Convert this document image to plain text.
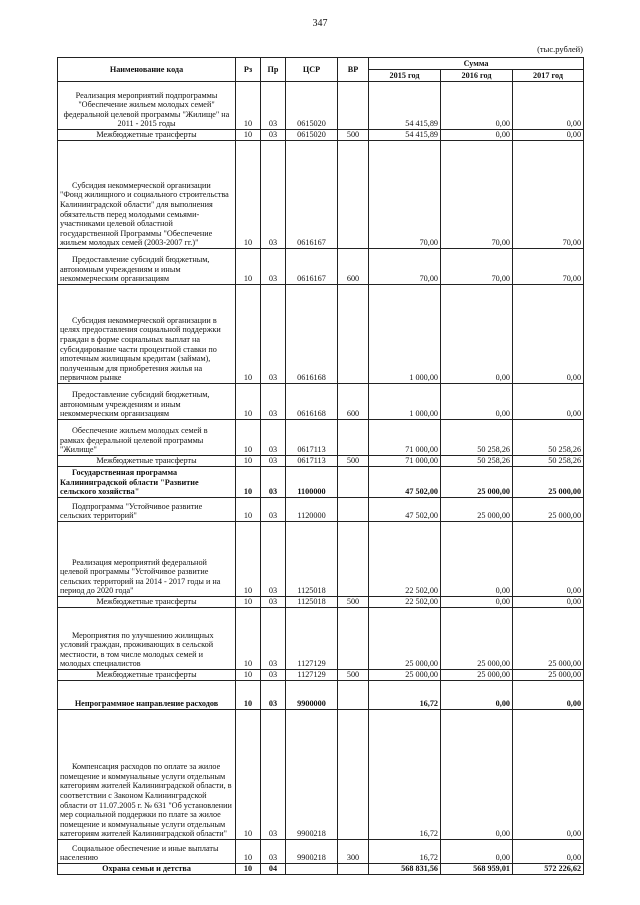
347
(тыс.рублей)
Наименование кода	Рз	Пр	ЦСР	ВР	Сумма		
					2015 год	2016 год	2017 год
Реализация мероприятий подпрограммы "Обеспечение жильем молодых семей" федеральной целевой программы "Жилище" на 2011 - 2015 годы	10	03	0615020		54 415,89	0,00	0,00
Межбюджетные трансферты	10	03	0615020	500	54 415,89	0,00	0,00
Субсидия некоммерческой организации "Фонд жилищного и социального строительства Калининградской области" для выполнения обязательств перед молодыми семьями-участниками целевой областной государственной Программы "Обеспечение жильем молодых семей (2003-2007 гг.)"	10	03	0616167		70,00	70,00	70,00
Предоставление субсидий бюджетным, автономным учреждениям и иным некоммерческим организациям	10	03	0616167	600	70,00	70,00	70,00
Субсидия некоммерческой организации в целях предоставления социальной поддержки граждан в форме социальных выплат на субсидирование части процентной ставки по ипотечным жилищным кредитам (займам), полученным для приобретения жилья на первичном рынке	10	03	0616168		1 000,00	0,00	0,00
Предоставление субсидий бюджетным, автономным учреждениям и иным некоммерческим организациям	10	03	0616168	600	1 000,00	0,00	0,00
Обеспечение жильем молодых семей в рамках федеральной целевой программы "Жилище"	10	03	0617113		71 000,00	50 258,26	50 258,26
Межбюджетные трансферты	10	03	0617113	500	71 000,00	50 258,26	50 258,26
Государственная программа Калининградской области "Развитие сельского хозяйства"	10	03	1100000		47 502,00	25 000,00	25 000,00
Подпрограмма "Устойчивое развитие сельских территорий"	10	03	1120000		47 502,00	25 000,00	25 000,00
Реализация мероприятий федеральной целевой программы "Устойчивое развитие сельских территорий на 2014 - 2017 годы и на период до 2020 года"	10	03	1125018		22 502,00	0,00	0,00
Межбюджетные трансферты	10	03	1125018	500	22 502,00	0,00	0,00
Мероприятия по улучшению жилищных условий граждан, проживающих в сельской местности, в том числе молодых семей и молодых специалистов	10	03	1127129		25 000,00	25 000,00	25 000,00
Межбюджетные трансферты	10	03	1127129	500	25 000,00	25 000,00	25 000,00
Непрограммное направление расходов	10	03	9900000		16,72	0,00	0,00
Компенсация расходов по оплате за жилое помещение и коммунальные услуги отдельным категориям жителей Калининградской области, в соответствии с Законом Калининградской области от 11.07.2005 г. № 631 "Об установлении мер социальной поддержки по плате за жилое помещение и коммунальные услуги отдельным категориям жителей Калининградской области"	10	03	9900218		16,72	0,00	0,00
Социальное обеспечение и иные выплаты населению	10	03	9900218	300	16,72	0,00	0,00
Охрана семьи и детства	10	04			568 831,56	568 959,01	572 226,62
